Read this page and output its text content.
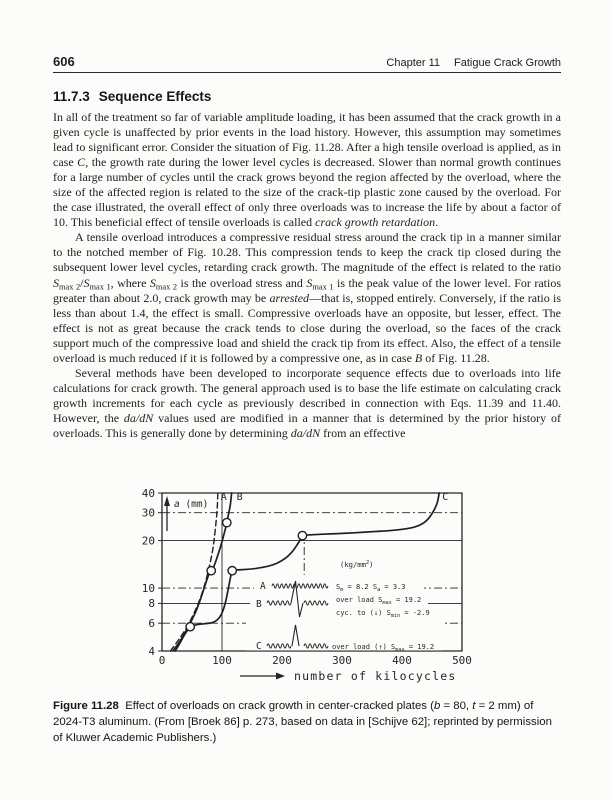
606	Chapter 11 Fatigue Crack Growth
11.7.3 Sequence Effects

In all of the treatment so far of variable amplitude loading, it has been assumed that the crack growth in a given cycle is unaffected by prior events in the load history. However, this assumption may sometimes lead to significant error. Consider the situation of Fig. 11.28. After a high tensile overload is applied, as in case C, the growth rate during the lower level cycles is decreased. Slower than normal growth continues for a large number of cycles until the crack grows beyond the region affected by the overload, where the size of the affected region is related to the size of the crack-tip plastic zone caused by the overload. For the case illustrated, the overall effect of only three overloads was to increase the life by about a factor of 10. This beneficial effect of tensile overloads is called crack growth retardation.

A tensile overload introduces a compressive residual stress around the crack tip in a manner similar to the notched member of Fig. 10.28. This compression tends to keep the crack tip closed during the subsequent lower level cycles, retarding crack growth. The magnitude of the effect is related to the ratio $S_{max 2}/S_{max 1}$, where $S_{max 2}$ is the overload stress and $S_{max 1}$ is the peak value of the lower level. For ratios greater than about 2.0, crack growth may be arrested—that is, stopped entirely. Conversely, if the ratio is less than about 1.4, the effect is small. Compressive overloads have an opposite, but lesser, effect. The effect is not as great because the crack tends to close during the overload, so the faces of the crack support much of the compressive load and shield the crack tip from its effect. Also, the effect of a tensile overload is much reduced if it is followed by a compressive one, as in case B of Fig. 11.28.

Several methods have been developed to incorporate sequence effects due to overloads into life calculations for crack growth. The general approach used is to base the life estimate on calculating crack growth increments for each cycle as previously described in connection with Eqs. 11.39 and 11.40. However, the da/dN values used are modified in a manner that is determined by the prior history of overloads. This is generally done by determining da/dN from an effective

A B	C
4
6
8
10
20
30
40
0	100	200	300	400	500
a (mm)
number of kilocycles
$(kg/mm^2)$
A	$S_m = 8.2$ $S_a = 3.3$
B	over load $S_{max} = 19.2$
cyc. to (↓) $S_{min} = -2.9$
C	over load (↑) $S_{max} = 19.2$

Figure 11.28  Effect of overloads on crack growth in center-cracked plates (b = 80, t = 2 mm) of 2024-T3 aluminum. (From [Broek 86] p. 273, based on data in [Schijve 62]; reprinted by permission of Kluwer Academic Publishers.)
